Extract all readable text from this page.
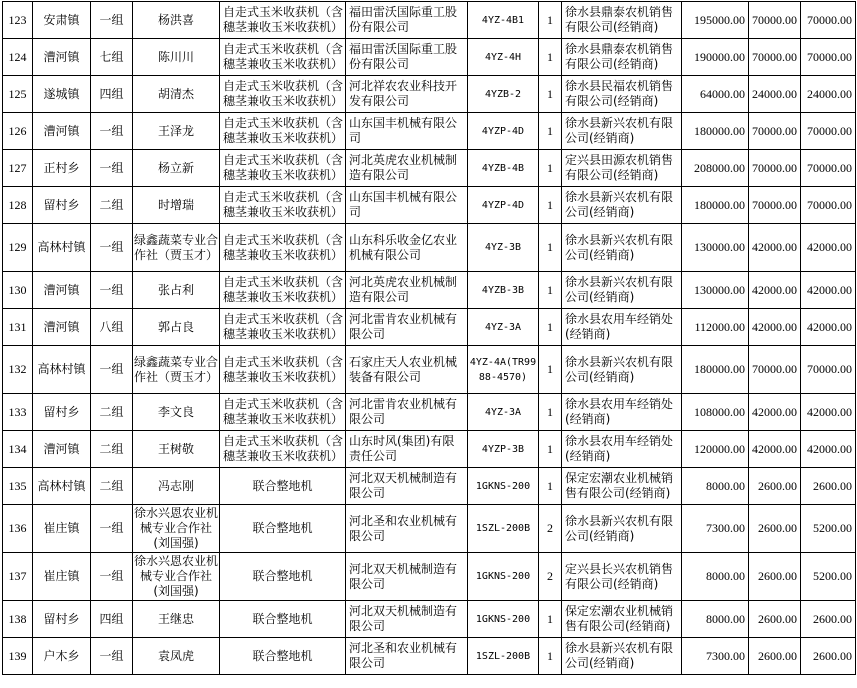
123	安肃镇	一组	杨洪喜	自走式玉米收获机（含穗茎兼收玉米收获机）	福田雷沃国际重工股份有限公司	4YZ-4B1	1	徐水县鼎泰农机销售有限公司(经销商)	195000.00	70000.00	70000.00
124	漕河镇	七组	陈川川	自走式玉米收获机（含穗茎兼收玉米收获机）	福田雷沃国际重工股份有限公司	4YZ-4H	1	徐水县鼎泰农机销售有限公司(经销商)	190000.00	70000.00	70000.00
125	遂城镇	四组	胡清杰	自走式玉米收获机（含穗茎兼收玉米收获机）	河北祥农农业科技开发有限公司	4YZB-2	1	徐水县民福农机销售有限公司(经销商)	64000.00	24000.00	24000.00
126	漕河镇	一组	王泽龙	自走式玉米收获机（含穗茎兼收玉米收获机）	山东国丰机械有限公司	4YZP-4D	1	徐水县新兴农机有限公司(经销商)	180000.00	70000.00	70000.00
127	正村乡	一组	杨立新	自走式玉米收获机（含穗茎兼收玉米收获机）	河北英虎农业机械制造有限公司	4YZB-4B	1	定兴县田源农机销售有限公司(经销商)	208000.00	70000.00	70000.00
128	留村乡	二组	时增瑞	自走式玉米收获机（含穗茎兼收玉米收获机）	山东国丰机械有限公司	4YZP-4D	1	徐水县新兴农机有限公司(经销商)	180000.00	70000.00	70000.00
129	高林村镇	一组	绿鑫蔬菜专业合作社（贾玉才）	自走式玉米收获机（含穗茎兼收玉米收获机）	山东科乐收金亿农业机械有限公司	4YZ-3B	1	徐水县新兴农机有限公司(经销商)	130000.00	42000.00	42000.00
130	漕河镇	一组	张占利	自走式玉米收获机（含穗茎兼收玉米收获机）	河北英虎农业机械制造有限公司	4YZB-3B	1	徐水县新兴农机有限公司(经销商)	130000.00	42000.00	42000.00
131	漕河镇	八组	郭占良	自走式玉米收获机（含穗茎兼收玉米收获机）	河北雷肯农业机械有限公司	4YZ-3A	1	徐水县农用车经销处(经销商)	112000.00	42000.00	42000.00
132	高林村镇	一组	绿鑫蔬菜专业合作社（贾玉才）	自走式玉米收获机（含穗茎兼收玉米收获机）	石家庄天人农业机械装备有限公司	4YZ-4A(TR9988-4570)	1	徐水县新兴农机有限公司(经销商)	180000.00	70000.00	70000.00
133	留村乡	二组	李文良	自走式玉米收获机（含穗茎兼收玉米收获机）	河北雷肯农业机械有限公司	4YZ-3A	1	徐水县农用车经销处(经销商)	108000.00	42000.00	42000.00
134	漕河镇	二组	王树敬	自走式玉米收获机（含穗茎兼收玉米收获机）	山东时风(集团)有限责任公司	4YZP-3B	1	徐水县农用车经销处(经销商)	120000.00	42000.00	42000.00
135	高林村镇	二组	冯志刚	联合整地机	河北双天机械制造有限公司	1GKNS-200	1	保定宏潮农业机械销售有限公司(经销商)	8000.00	2600.00	2600.00
136	崔庄镇	一组	徐水兴恩农业机械专业合作社(刘国强)	联合整地机	河北圣和农业机械有限公司	1SZL-200B	2	徐水县新兴农机有限公司(经销商)	7300.00	2600.00	5200.00
137	崔庄镇	一组	徐水兴恩农业机械专业合作社(刘国强)	联合整地机	河北双天机械制造有限公司	1GKNS-200	2	定兴县长兴农机销售有限公司(经销商)	8000.00	2600.00	5200.00
138	留村乡	四组	王继忠	联合整地机	河北双天机械制造有限公司	1GKNS-200	1	保定宏潮农业机械销售有限公司(经销商)	8000.00	2600.00	2600.00
139	户木乡	一组	袁凤虎	联合整地机	河北圣和农业机械有限公司	1SZL-200B	1	徐水县新兴农机有限公司(经销商)	7300.00	2600.00	2600.00
